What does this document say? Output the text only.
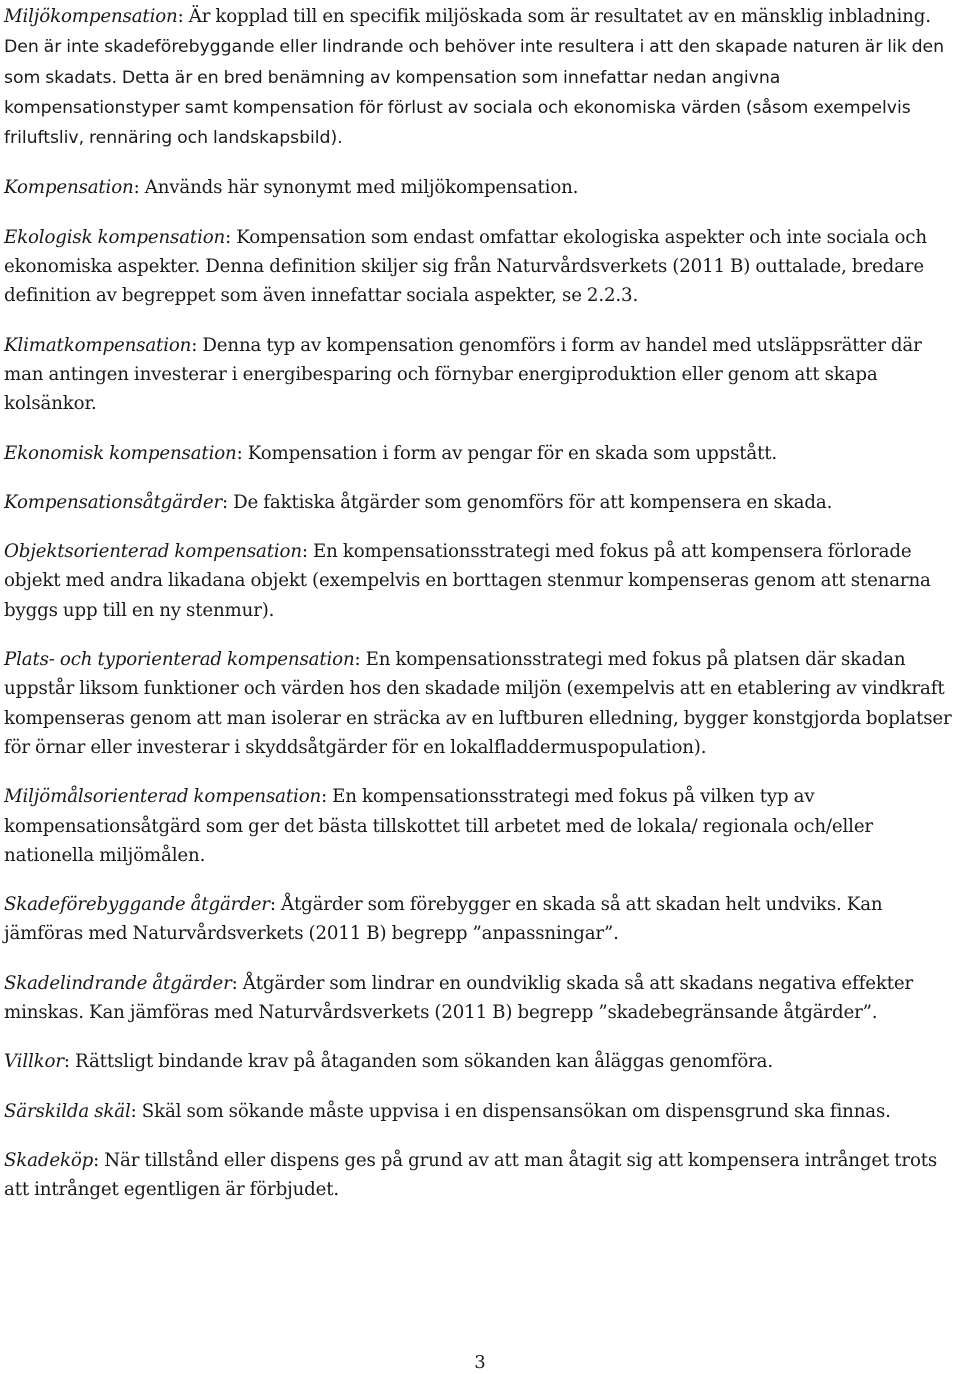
Miljökompensation: Är kopplad till en specifik miljöskada som är resultatet av en mänsklig inbladning. Den är inte skadeförebyggande eller lindrande och behöver inte resultera i att den skapade naturen är lik den som skadats. Detta är en bred benämning av kompensation som innefattar nedan angivna kompensationstyper samt kompensation för förlust av sociala och ekonomiska värden (såsom exempelvis friluftsliv, rennäring och landskapsbild).

Kompensation: Används här synonymt med miljökompensation.

Ekologisk kompensation: Kompensation som endast omfattar ekologiska aspekter och inte sociala och ekonomiska aspekter. Denna definition skiljer sig från Naturvårdsverkets (2011 B) outtalade, bredare definition av begreppet som även innefattar sociala aspekter, se 2.2.3.

Klimatkompensation: Denna typ av kompensation genomförs i form av handel med utsläppsrätter där man antingen investerar i energibesparing och förnybar energiproduktion eller genom att skapa kolsänkor.

Ekonomisk kompensation: Kompensation i form av pengar för en skada som uppstått.

Kompensationsåtgärder: De faktiska åtgärder som genomförs för att kompensera en skada.

Objektsorienterad kompensation: En kompensationsstrategi med fokus på att kompensera förlorade objekt med andra likadana objekt (exempelvis en borttagen stenmur kompenseras genom att stenarna byggs upp till en ny stenmur).

Plats- och typorienterad kompensation: En kompensationsstrategi med fokus på platsen där skadan uppstår liksom funktioner och värden hos den skadade miljön (exempelvis att en etablering av vindkraft kompenseras genom att man isolerar en sträcka av en luftburen elledning, bygger konstgjorda boplatser för örnar eller investerar i skyddsåtgärder för en lokalfladdermuspopulation).

Miljömålsorienterad kompensation: En kompensationsstrategi med fokus på vilken typ av kompensationsåtgärd som ger det bästa tillskottet till arbetet med de lokala/ regionala och/eller nationella miljömålen.

Skadeförebyggande åtgärder: Åtgärder som förebygger en skada så att skadan helt undviks. Kan jämföras med Naturvårdsverkets (2011 B) begrepp ”anpassningar”.

Skadelindrande åtgärder: Åtgärder som lindrar en oundviklig skada så att skadans negativa effekter minskas. Kan jämföras med Naturvårdsverkets (2011 B) begrepp ”skadebegränsande åtgärder”.

Villkor: Rättsligt bindande krav på åtaganden som sökanden kan åläggas genomföra.

Särskilda skäl: Skäl som sökande måste uppvisa i en dispensansökan om dispensgrund ska finnas.

Skadeköp: När tillstånd eller dispens ges på grund av att man åtagit sig att kompensera intrånget trots att intrånget egentligen är förbjudet.

3
